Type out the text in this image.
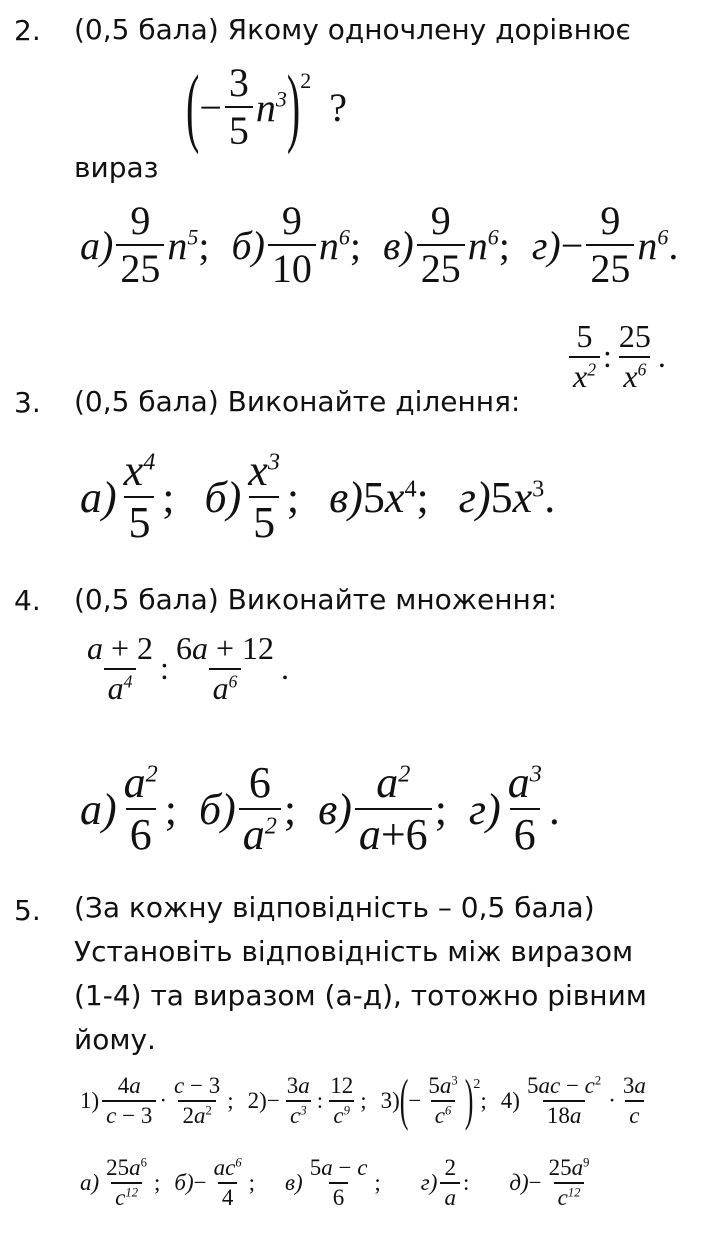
2. (0,5 бала) Якому одночлену дорівнює
( − $\frac{3}{5} n^3$ )$^2$
?
вираз
$а) \frac{9}{25} n^5$ ; $б) \frac{9}{10} n^6$ ; $в) \frac{9}{25} n^6$ ; $г) - \frac{9}{25} n^6$ .
$\frac{5}{x^2}$ : $\frac{25}{x^6}$ .
3. (0,5 бала) Виконайте ділення:
$а) \frac{x^4}{5}$ ; $б) \frac{x^3}{5}$ ; в) $5x^4$; г) $5x^3$.
4. (0,5 бала) Виконайте множення:
$\frac{a + 2}{a^4}$ : $\frac{6a + 12}{a^6}$ .
$а) \frac{a^2}{6}$ ; $б) \frac{6}{a^2}$ ; $в) \frac{a^2}{a+6}$ ; $г) \frac{a^3}{6}$ .
5. (За кожну відповідність – 0,5 бала)
Установіть відповідність між виразом
(1-4) та виразом (а-д), тотожно рівним
йому.
$1) \frac{4a}{c - 3} \cdot \frac{c - 3}{2a^2}$ ; $2) - \frac{3a}{c^3}$ : $\frac{12}{c^9}$ ; 3) ( − $\frac{5a^3}{c^6} )^2$
; $4) \frac{5ac - c^2}{18a} \cdot \frac{3a}{c}$
$а) \frac{25a^6}{c^{12}}$ ; $б) - \frac{ac^6}{4}$ ; $в) \frac{5a - c}{6}$ ; $г) \frac{2}{a}$ : $д) - \frac{25a^9}{c^{12}}$
